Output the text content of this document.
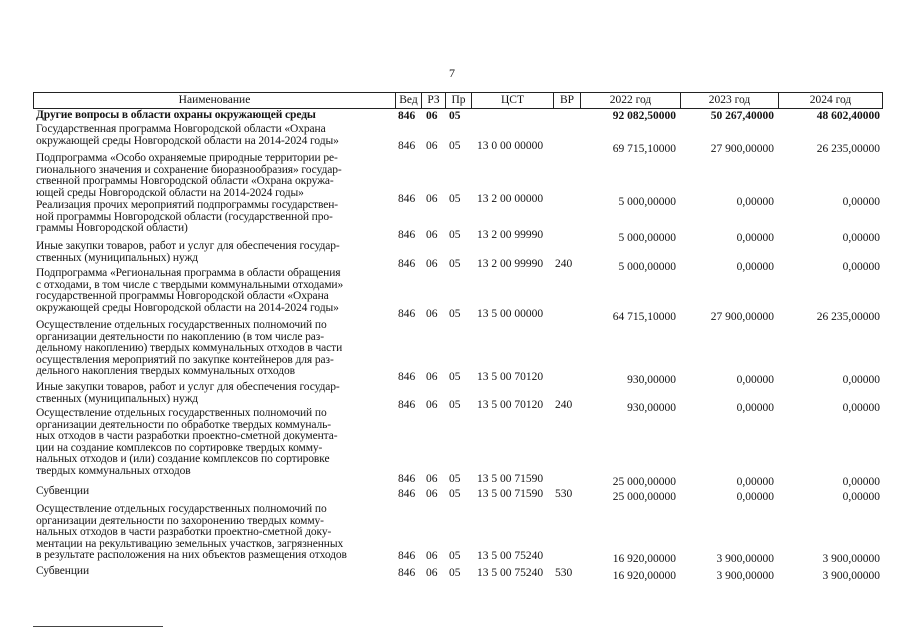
7
Наименование	Вед РЗ	Пр	ЦСТ	ВР	2022 год	2023 год	2024 год
Другие вопросы в области охраны окружающей среды	846 06 05	92 082,50000	50 267,40000	48 602,40000
Государственная программа Новгородской области «Охрана
окружающей среды Новгородской области на 2014-2024 годы»	846 06 05 13 0 00 00000	69 715,10000	27 900,00000	26 235,00000
Подпрограмма «Особо охраняемые природные территории ре-
гионального значения и сохранение биоразнообразия» государ-
ственной программы Новгородской области «Охрана окружа-
ющей среды Новгородской области на 2014-2024 годы»
846 06 05 13 2 00 00000	5 000,00000	0,00000	0,00000
Реализация прочих мероприятий подпрограммы государствен-
ной программы Новгородской области (государственной про-
граммы Новгородской области)
846 06 05 13 2 00 99990	5 000,00000	0,00000	0,00000
Иные закупки товаров, работ и услуг для обеспечения государ-
ственных (муниципальных) нужд
846 06 05 13 2 00 99990 240	5 000,00000	0,00000	0,00000
Подпрограмма «Региональная программа в области обращения
с отходами, в том числе с твердыми коммунальными отходами»
государственной программы Новгородской области «Охрана
окружающей среды Новгородской области на 2014-2024 годы»
846 06 05 13 5 00 00000	64 715,10000	27 900,00000	26 235,00000
Осуществление отдельных государственных полномочий по
организации деятельности по накоплению (в том числе раз-
дельному накоплению) твердых коммунальных отходов в части
осуществления мероприятий по закупке контейнеров для раз-
дельного накопления твердых коммунальных отходов	846 06 05 13 5 00 70120	930,00000	0,00000	0,00000
Иные закупки товаров, работ и услуг для обеспечения государ-
ственных (муниципальных) нужд
846 06 05 13 5 00 70120 240	930,00000	0,00000	0,00000
Осуществление отдельных государственных полномочий по
организации деятельности по обработке твердых коммуналь-
ных отходов в части разработки проектно-сметной документа-
ции на создание комплексов по сортировке твердых комму-
нальных отходов и (или) создание комплексов по сортировке
твердых коммунальных отходов
846 06 05 13 5 00 71590	25 000,00000	0,00000	0,00000
Субвенции	846 06 05 13 5 00 71590 530	25 000,00000	0,00000	0,00000
Осуществление отдельных государственных полномочий по
организации деятельности по захоронению твердых комму-
нальных отходов в части разработки проектно-сметной доку-
ментации на рекультивацию земельных участков, загрязненных
в результате расположения на них объектов размещения отходов	846 06 05 13 5 00 75240	16 920,00000	3 900,00000	3 900,00000
Субвенции	846 06 05 13 5 00 75240 530	16 920,00000	3 900,00000	3 900,00000
